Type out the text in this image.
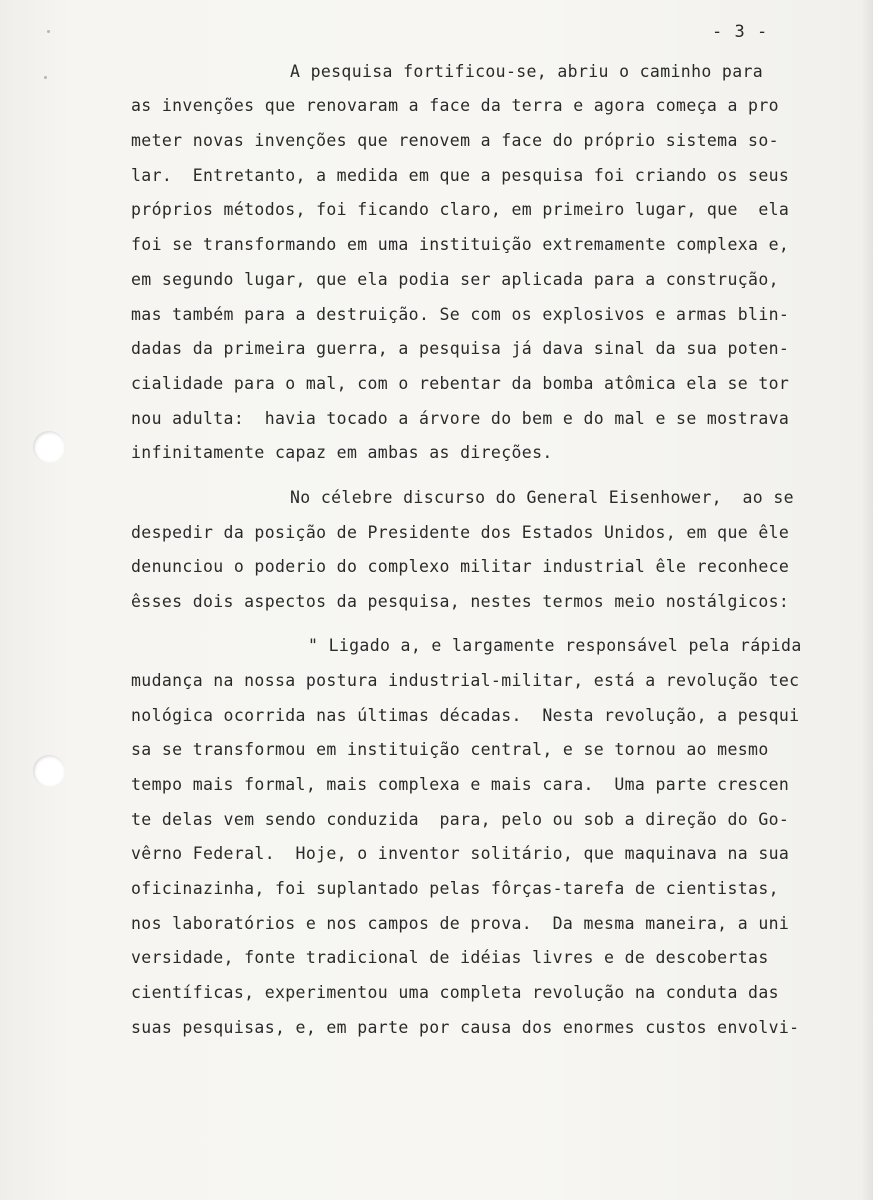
- 3 -
A pesquisa fortificou-se, abriu o caminho para
as invenções que renovaram a face da terra e agora começa a pro
meter novas invenções que renovem a face do próprio sistema so-
lar.  Entretanto, a medida em que a pesquisa foi criando os seus
próprios métodos, foi ficando claro, em primeiro lugar, que  ela
foi se transformando em uma instituição extremamente complexa e,
em segundo lugar, que ela podia ser aplicada para a construção,
mas também para a destruição. Se com os explosivos e armas blin-
dadas da primeira guerra, a pesquisa já dava sinal da sua poten-
cialidade para o mal, com o rebentar da bomba atômica ela se tor
nou adulta:  havia tocado a árvore do bem e do mal e se mostrava
infinitamente capaz em ambas as direções.
No célebre discurso do General Eisenhower,  ao se
despedir da posição de Presidente dos Estados Unidos, em que êle
denunciou o poderio do complexo militar industrial êle reconhece
êsses dois aspectos da pesquisa, nestes termos meio nostálgicos:
" Ligado a, e largamente responsável pela rápida
mudança na nossa postura industrial-militar, está a revolução tec
nológica ocorrida nas últimas décadas.  Nesta revolução, a pesqui
sa se transformou em instituição central, e se tornou ao mesmo
tempo mais formal, mais complexa e mais cara.  Uma parte crescen
te delas vem sendo conduzida  para, pelo ou sob a direção do Go-
vêrno Federal.  Hoje, o inventor solitário, que maquinava na sua
oficinazinha, foi suplantado pelas fôrças-tarefa de cientistas,
nos laboratórios e nos campos de prova.  Da mesma maneira, a uni
versidade, fonte tradicional de idéias livres e de descobertas
científicas, experimentou uma completa revolução na conduta das
suas pesquisas, e, em parte por causa dos enormes custos envolvi-
